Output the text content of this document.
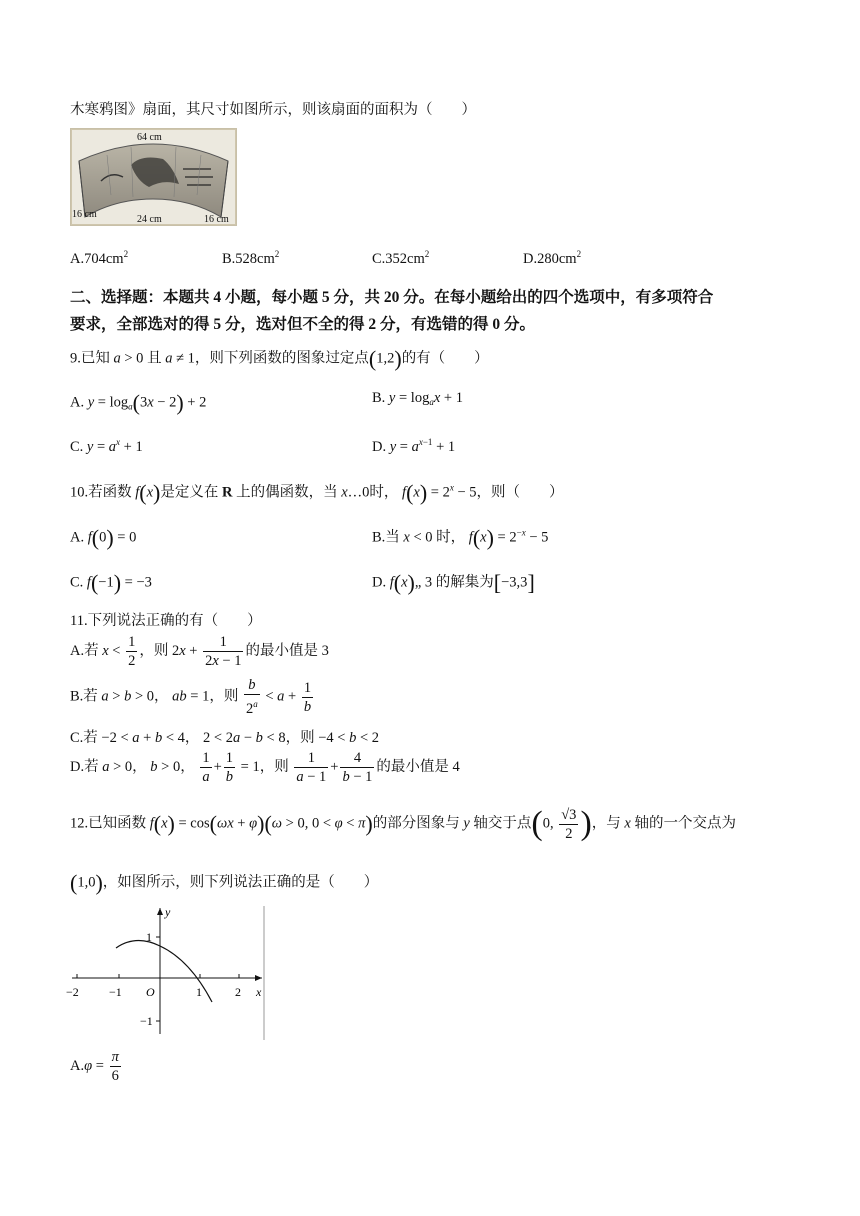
木寒鸦图》扇面，其尺寸如图所示，则该扇面的面积为（　　）
64 cm
16 cm	24 cm	16 cm
$A.704cm^2$	$B.528cm^2$	$C.352cm^2$	$D.280cm^2$
二、选择题：本题共 4 小题，每小题 5 分，共 20 分。在每小题给出的四个选项中，有多项符合
要求，全部选对的得 5 分，选对但不全的得 2 分，有选错的得 0 分。
9.已知 a > 0 且 a ≠ 1，则下列函数的图象过定点(1,2)的有（　　）
A. $y = \log_a(3x - 2) + 2$	B. $y = \log_ax + 1$
C. $y = a^x + 1$	D. $y = a^{x-1} + 1$
10.若函数 f(x)是定义在 R 上的偶函数，当 x…0时， $f(x) = 2^x - 5$，则（　　）
A. f(0) = 0	B.当 x < 0 时， $f(x) = 2^{-x} - 5$
C. f(−1) = −3	D. f(x)„ 3 的解集为[−3,3]
11.下列说法正确的有（　　）
A.若 $x < \frac{1}{2}$ ，则 $2x + \frac{1}{2x - 1}$ 的最小值是 3
B.若 a > b > 0， ab = 1，则 $\frac{b}{2^a} < a + \frac{1}{b}$
C.若 −2 < a + b < 4， 2 < 2a − b < 8，则 −4 < b < 2
D.若 a > 0， b > 0， $\frac{1}{a} + \frac{1}{b} = 1$，则 $\frac{1}{a - 1} + \frac{4}{b - 1}$ 的最小值是 4
12.已知函数 f(x) = cos(ωx + φ)(ω > 0, 0 < φ < π)的部分图象与 y 轴交于点(0, $\frac{√3}{2}$ )，与 x 轴的一个交点为
(1,0)，如图所示，则下列说法正确的是（　　）
y
x
1
−1
−2	−1 O	1	2
$A.\varphi = \frac{\pi}{6}$
